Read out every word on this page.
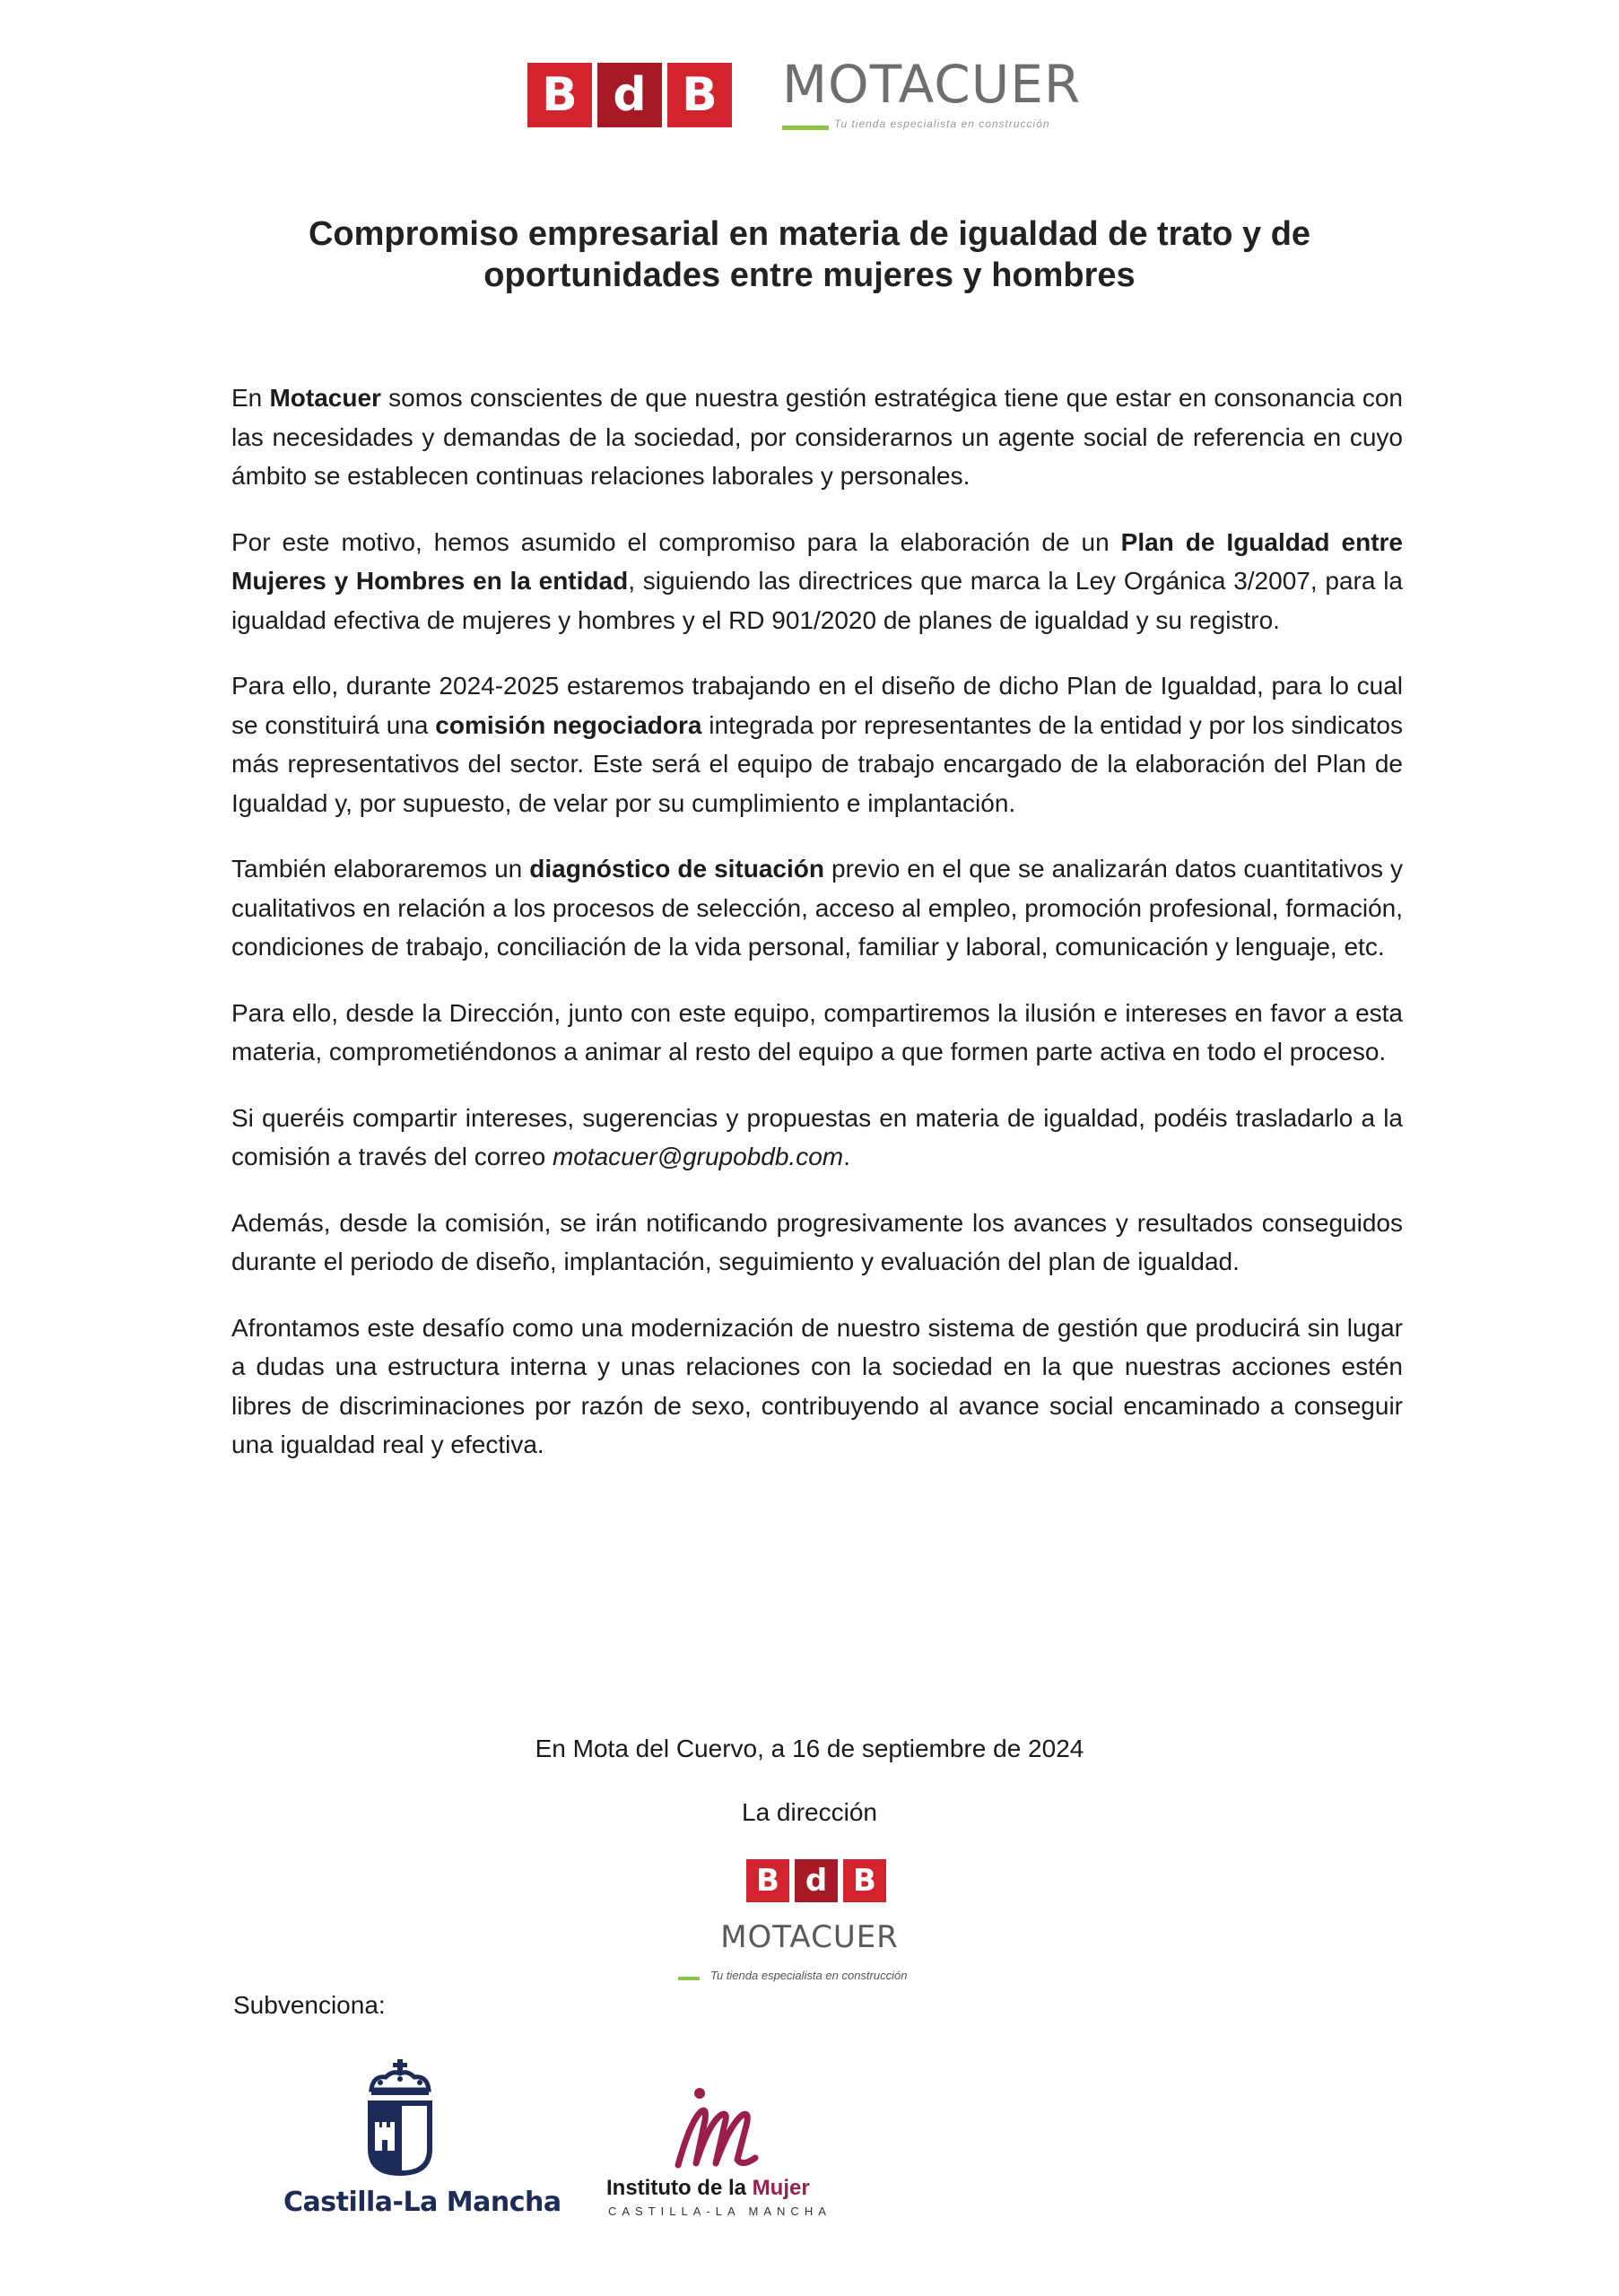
B d B MOTACUER
Tu tienda especialista en construcción
Compromiso empresarial en materia de igualdad de trato y de
oportunidades entre mujeres y hombres

En Motacuer somos conscientes de que nuestra gestión estratégica tiene que estar en consonancia con las necesidades y demandas de la sociedad, por considerarnos un agente social de referencia en cuyo ámbito se establecen continuas relaciones laborales y personales.

Por este motivo, hemos asumido el compromiso para la elaboración de un Plan de Igualdad entre Mujeres y Hombres en la entidad, siguiendo las directrices que marca la Ley Orgánica 3/2007, para la igualdad efectiva de mujeres y hombres y el RD 901/2020 de planes de igualdad y su registro.

Para ello, durante 2024-2025 estaremos trabajando en el diseño de dicho Plan de Igualdad, para lo cual se constituirá una comisión negociadora integrada por representantes de la entidad y por los sindicatos más representativos del sector. Este será el equipo de trabajo encargado de la elaboración del Plan de Igualdad y, por supuesto, de velar por su cumplimiento e implantación.

También elaboraremos un diagnóstico de situación previo en el que se analizarán datos cuantitativos y cualitativos en relación a los procesos de selección, acceso al empleo, promoción profesional, formación, condiciones de trabajo, conciliación de la vida personal, familiar y laboral, comunicación y lenguaje, etc.

Para ello, desde la Dirección, junto con este equipo, compartiremos la ilusión e intereses en favor a esta materia, comprometiéndonos a animar al resto del equipo a que formen parte activa en todo el proceso.

Si queréis compartir intereses, sugerencias y propuestas en materia de igualdad, podéis trasladarlo a la comisión a través del correo motacuer@grupobdb.com.

Además, desde la comisión, se irán notificando progresivamente los avances y resultados conseguidos durante el periodo de diseño, implantación, seguimiento y evaluación del plan de igualdad.

Afrontamos este desafío como una modernización de nuestro sistema de gestión que producirá sin lugar a dudas una estructura interna y unas relaciones con la sociedad en la que nuestras acciones estén libres de discriminaciones por razón de sexo, contribuyendo al avance social encaminado a conseguir una igualdad real y efectiva.

En Mota del Cuervo, a 16 de septiembre de 2024
La dirección
B d B
MOTACUER
Tu tienda especialista en construcción
Subvenciona:
Castilla-La Mancha Instituto de la Mujer
CASTILLA-LA MANCHA
